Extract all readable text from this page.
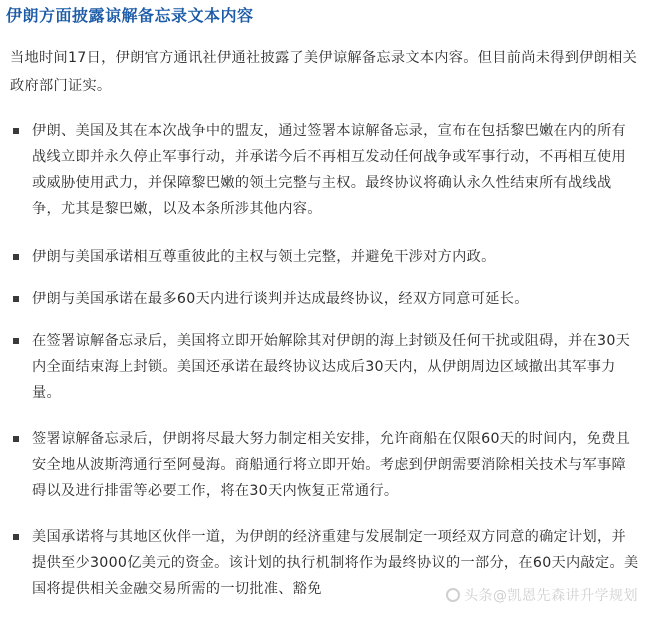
伊朗方面披露谅解备忘录文本内容
当地时间17日，伊朗官方通讯社伊通社披露了美伊谅解备忘录文本内容。但目前尚未得到伊朗相关政府部门证实。
伊朗、美国及其在本次战争中的盟友，通过签署本谅解备忘录，宣布在包括黎巴嫩在内的所有战线立即并永久停止军事行动，并承诺今后不再相互发动任何战争或军事行动，不再相互使用或威胁使用武力，并保障黎巴嫩的领土完整与主权。最终协议将确认永久性结束所有战线战争，尤其是黎巴嫩，以及本条所涉其他内容。
伊朗与美国承诺相互尊重彼此的主权与领土完整，并避免干涉对方内政。
伊朗与美国承诺在最多60天内进行谈判并达成最终协议，经双方同意可延长。
在签署谅解备忘录后，美国将立即开始解除其对伊朗的海上封锁及任何干扰或阻碍，并在30天内全面结束海上封锁。美国还承诺在最终协议达成后30天内，从伊朗周边区域撤出其军事力量。
签署谅解备忘录后，伊朗将尽最大努力制定相关安排，允许商船在仅限60天的时间内，免费且安全地从波斯湾通行至阿曼海。商船通行将立即开始。考虑到伊朗需要消除相关技术与军事障碍以及进行排雷等必要工作，将在30天内恢复正常通行。
美国承诺将与其地区伙伴一道，为伊朗的经济重建与发展制定一项经双方同意的确定计划，并提供至少3000亿美元的资金。该计划的执行机制将作为最终协议的一部分，在60天内敲定。美国将提供相关金融交易所需的一切批准、豁免	头条@凯恩先森讲升学规划
